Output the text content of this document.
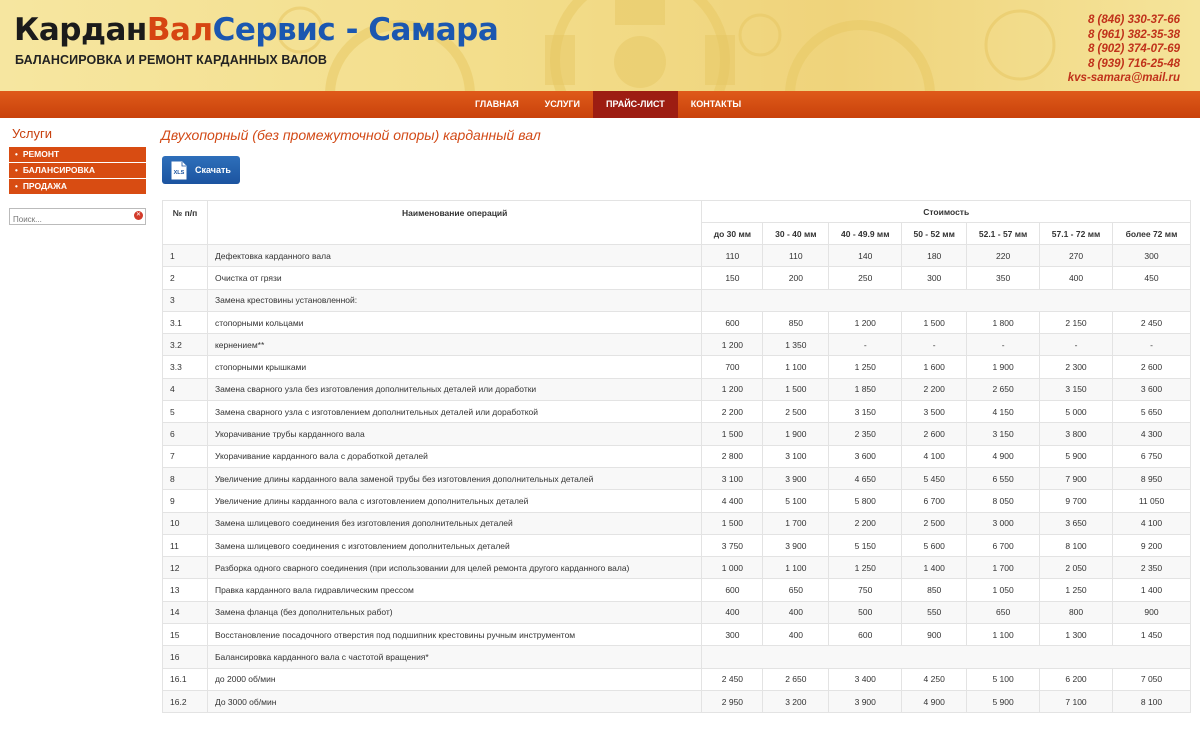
КарданВалСервис - Самара
БАЛАНСИРОВКА И РЕМОНТ КАРДАННЫХ ВАЛОВ
8 (846) 330-37-66
8 (961) 382-35-38
8 (902) 374-07-69
8 (939) 716-25-48
kvs-samara@mail.ru
ГЛАВНАЯ	УСЛУГИ	ПРАЙС-ЛИСТ	КОНТАКТЫ
Услуги
• РЕМОНТ
• БАЛАНСИРОВКА
• ПРОДАЖА
Поиск...
✕
Двухопорный (без промежуточной опоры) карданный вал
XLS Скачать
№ п/п	Наименование операций	Стоимость						
		до 30 мм	30 - 40 мм	40 - 49.9 мм	50 - 52 мм	52.1 - 57 мм	57.1 - 72 мм	более 72 мм
1	Дефектовка карданного вала	110	110	140	180	220	270	300
2	Очистка от грязи	150	200	250	300	350	400	450
3	Замена крестовины установленной:							
3.1	стопорными кольцами	600	850	1 200	1 500	1 800	2 150	2 450
3.2	кернением**	1 200	1 350	-	-	-	-	-
3.3	стопорными крышками	700	1 100	1 250	1 600	1 900	2 300	2 600
4	Замена сварного узла без изготовления дополнительных деталей или доработки	1 200	1 500	1 850	2 200	2 650	3 150	3 600
5	Замена сварного узла с изготовлением дополнительных деталей или доработкой	2 200	2 500	3 150	3 500	4 150	5 000	5 650
6	Укорачивание трубы карданного вала	1 500	1 900	2 350	2 600	3 150	3 800	4 300
7	Укорачивание карданного вала с доработкой деталей	2 800	3 100	3 600	4 100	4 900	5 900	6 750
8	Увеличение длины карданного вала заменой трубы без изготовления дополнительных деталей	3 100	3 900	4 650	5 450	6 550	7 900	8 950
9	Увеличение длины карданного вала с изготовлением дополнительных деталей	4 400	5 100	5 800	6 700	8 050	9 700	11 050
10	Замена шлицевого соединения без изготовления дополнительных деталей	1 500	1 700	2 200	2 500	3 000	3 650	4 100
11	Замена шлицевого соединения с изготовлением дополнительных деталей	3 750	3 900	5 150	5 600	6 700	8 100	9 200
12	Разборка одного сварного соединения (при использовании для целей ремонта другого карданного вала)	1 000	1 100	1 250	1 400	1 700	2 050	2 350
13	Правка карданного вала гидравлическим прессом	600	650	750	850	1 050	1 250	1 400
14	Замена фланца (без дополнительных работ)	400	400	500	550	650	800	900
15	Восстановление посадочного отверстия под подшипник крестовины ручным инструментом	300	400	600	900	1 100	1 300	1 450
16	Балансировка карданного вала с частотой вращения*							
16.1	до 2000 об/мин	2 450	2 650	3 400	4 250	5 100	6 200	7 050
16.2	До 3000 об/мин	2 950	3 200	3 900	4 900	5 900	7 100	8 100
